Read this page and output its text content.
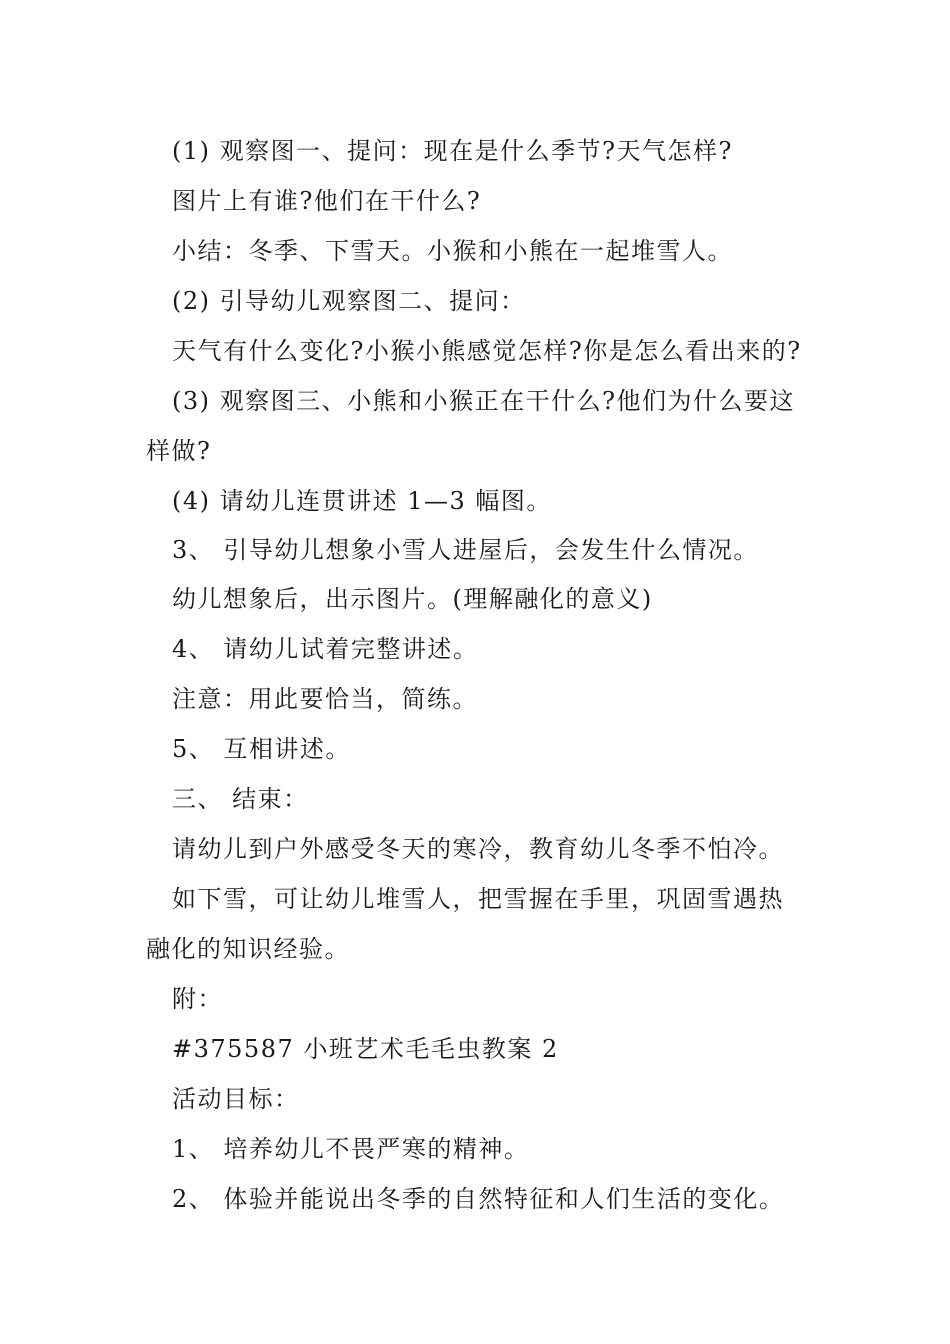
(1) 观察图一、提问：现在是什么季节?天气怎样?
图片上有谁?他们在干什么?
小结：冬季、下雪天。小猴和小熊在一起堆雪人。
(2) 引导幼儿观察图二、提问：
天气有什么变化?小猴小熊感觉怎样?你是怎么看出来的?
(3) 观察图三、小熊和小猴正在干什么?他们为什么要这
样做?
(4) 请幼儿连贯讲述 1—3 幅图。
3、 引导幼儿想象小雪人进屋后，会发生什么情况。
幼儿想象后，出示图片。(理解融化的意义)
4、 请幼儿试着完整讲述。
注意：用此要恰当，简练。
5、 互相讲述。
三、 结束：
请幼儿到户外感受冬天的寒冷，教育幼儿冬季不怕冷。
如下雪，可让幼儿堆雪人，把雪握在手里，巩固雪遇热
融化的知识经验。
附：
#375587 小班艺术毛毛虫教案 2
活动目标：
1、 培养幼儿不畏严寒的精神。
2、 体验并能说出冬季的自然特征和人们生活的变化。
